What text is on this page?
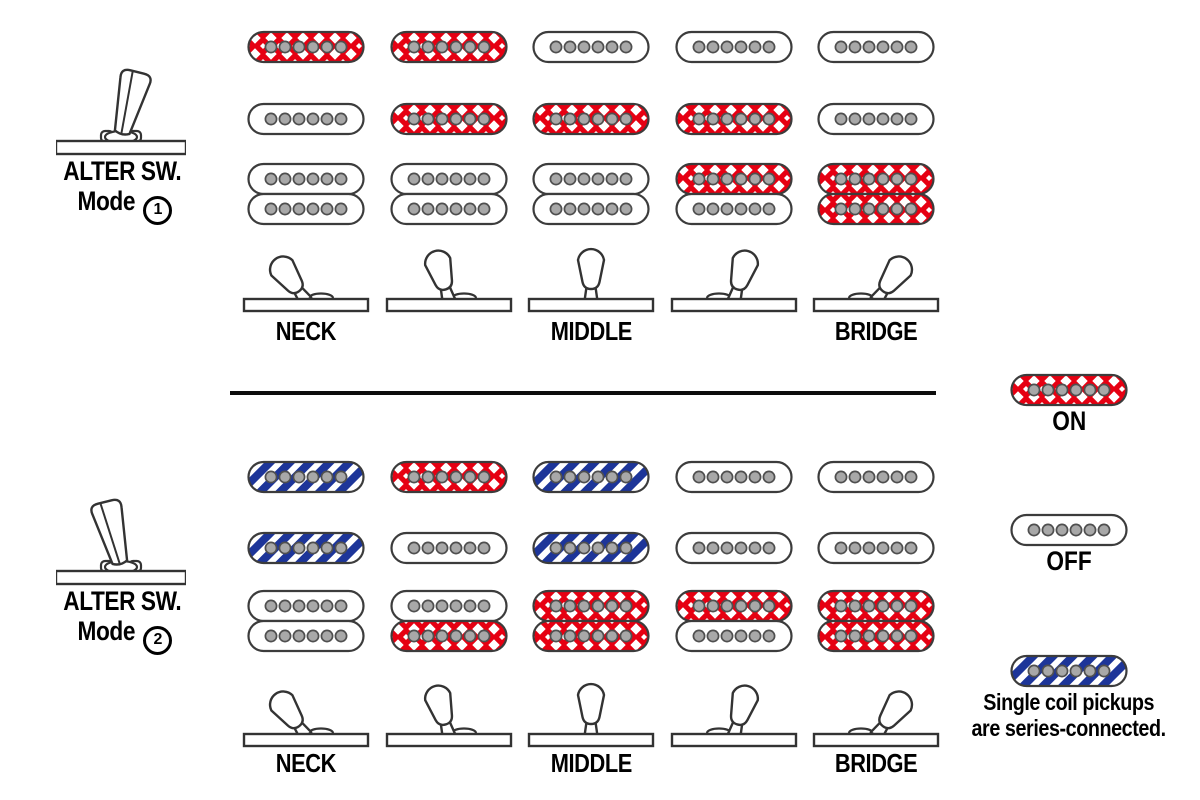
ALTER SW.
Mode 1
ALTER SW.
Mode 2
NECK	MIDDLE	BRIDGE
NECK	MIDDLE	BRIDGE
ON
OFF
Single coil pickups
are series-connected.
